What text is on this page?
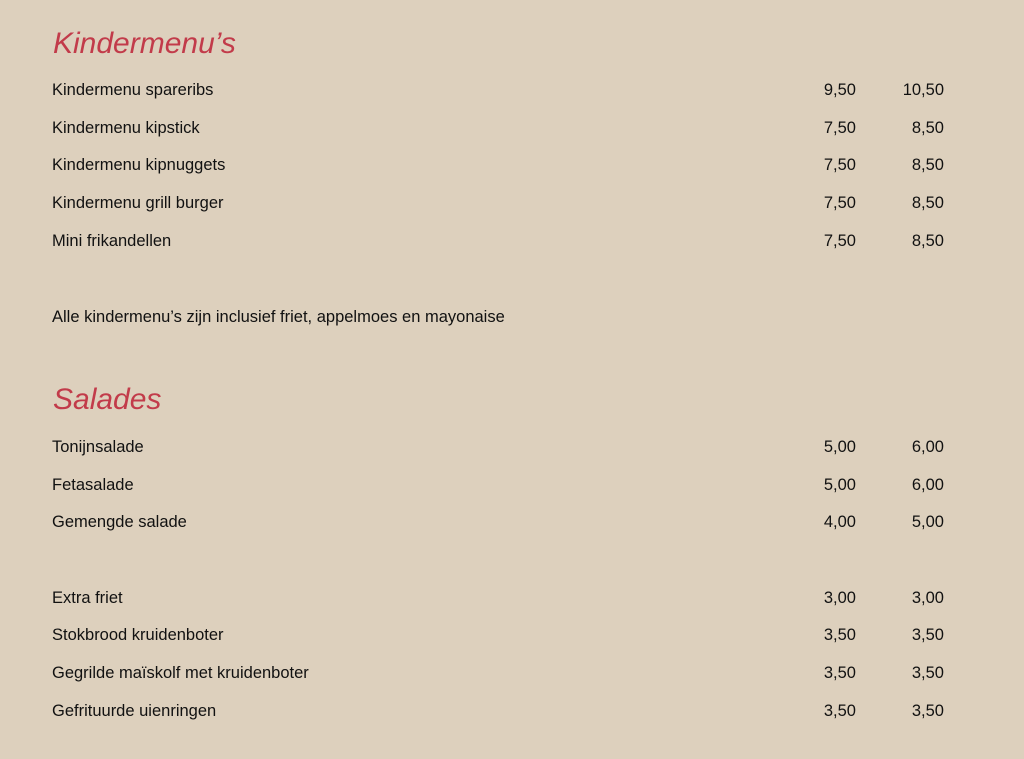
Kindermenu’s
Kindermenu spareribs	9,50	10,50
Kindermenu kipstick	7,50	8,50
Kindermenu kipnuggets	7,50	8,50
Kindermenu grill burger	7,50	8,50
Mini frikandellen	7,50	8,50
Alle kindermenu’s zijn inclusief friet, appelmoes en mayonaise
Salades
Tonijnsalade	5,00	6,00
Fetasalade	5,00	6,00
Gemengde salade	4,00	5,00
Extra friet	3,00	3,00
Stokbrood kruidenboter	3,50	3,50
Gegrilde maïskolf met kruidenboter	3,50	3,50
Gefrituurde uienringen	3,50	3,50
